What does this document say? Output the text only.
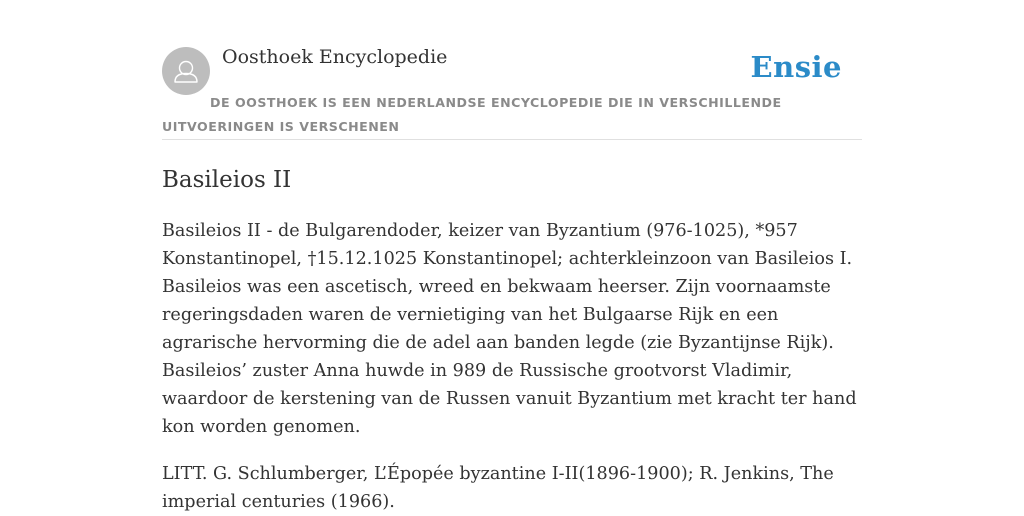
Oosthoek Encyclopedie	Ensie
DE OOSTHOEK IS EEN NEDERLANDSE ENCYCLOPEDIE DIE IN VERSCHILLENDE UITVOERINGEN IS VERSCHENEN
Basileios II

Basileios II - de Bulgarendoder, keizer van Byzantium (976-1025), *957 Konstantinopel, †15.12.1025 Konstantinopel; achterkleinzoon van Basileios I. Basileios was een ascetisch, wreed en bekwaam heerser. Zijn voornaamste regeringsdaden waren de vernietiging van het Bulgaarse Rijk en een agrarische hervorming die de adel aan banden legde (zie Byzantijnse Rijk). Basileios’ zuster Anna huwde in 989 de Russische grootvorst Vladimir, waardoor de kerstening van de Russen vanuit Byzantium met kracht ter hand kon worden genomen.

LITT. G. Schlumberger, L’Épopée byzantine I-II(1896-1900); R. Jenkins, The imperial centuries (1966).
